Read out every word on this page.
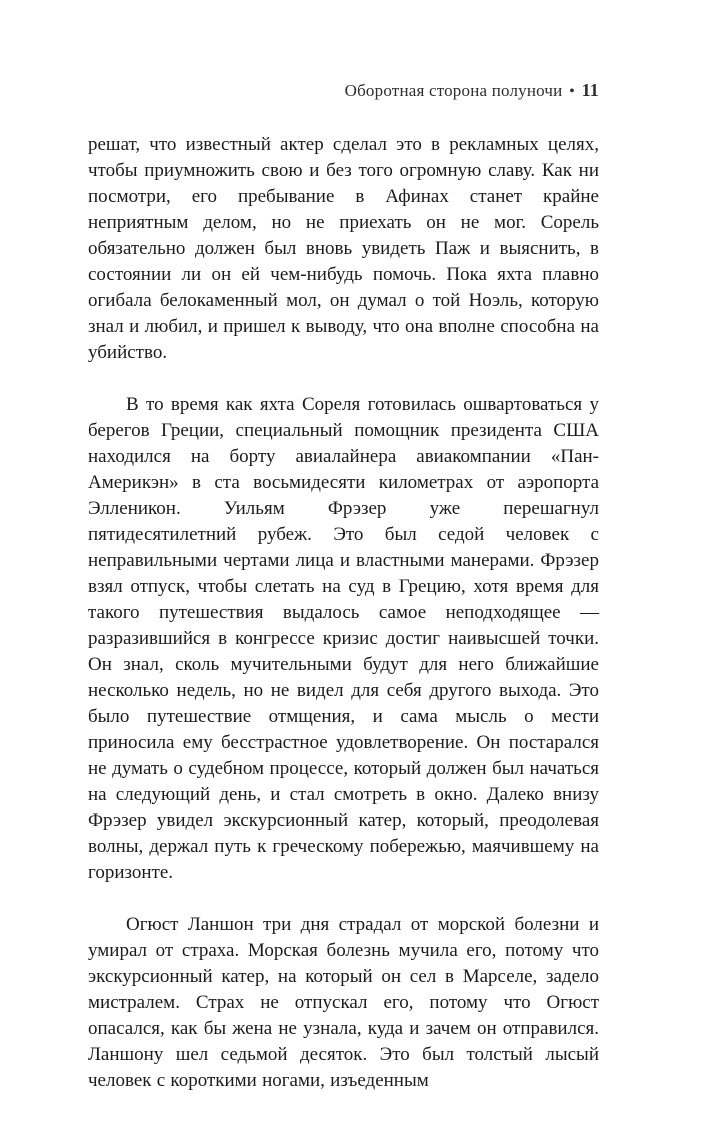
Оборотная сторона полуночи • 11

решат, что известный актер сделал это в рекламных целях, чтобы приумножить свою и без того огромную славу. Как ни посмотри, его пребывание в Афинах станет крайне неприятным делом, но не приехать он не мог. Сорель обязательно должен был вновь увидеть Паж и выяснить, в состоянии ли он ей чем-нибудь помочь. Пока яхта плавно огибала белокаменный мол, он думал о той Ноэль, которую знал и любил, и пришел к выводу, что она вполне способна на убийство.

В то время как яхта Сореля готовилась ошвартоваться у берегов Греции, специальный помощник президента США находился на борту авиалайнера авиакомпании «Пан-Америкэн» в ста восьмидесяти километрах от аэропорта Элленикон. Уильям Фрэзер уже перешагнул пятидесятилетний рубеж. Это был седой человек с неправильными чертами лица и властными манерами. Фрэзер взял отпуск, чтобы слетать на суд в Грецию, хотя время для такого путешествия выдалось самое неподходящее — разразившийся в конгрессе кризис достиг наивысшей точки. Он знал, сколь мучительными будут для него ближайшие несколько недель, но не видел для себя другого выхода. Это было путешествие отмщения, и сама мысль о мести приносила ему бесстрастное удовлетворение. Он постарался не думать о судебном процессе, который должен был начаться на следующий день, и стал смотреть в окно. Далеко внизу Фрэзер увидел экскурсионный катер, который, преодолевая волны, держал путь к греческому побережью, маячившему на горизонте.

Огюст Ланшон три дня страдал от морской болезни и умирал от страха. Морская болезнь мучила его, потому что экскурсионный катер, на который он сел в Марселе, задело мистралем. Страх не отпускал его, потому что Огюст опасался, как бы жена не узнала, куда и зачем он отправился. Ланшону шел седьмой десяток. Это был толстый лысый человек с короткими ногами, изъеденным
